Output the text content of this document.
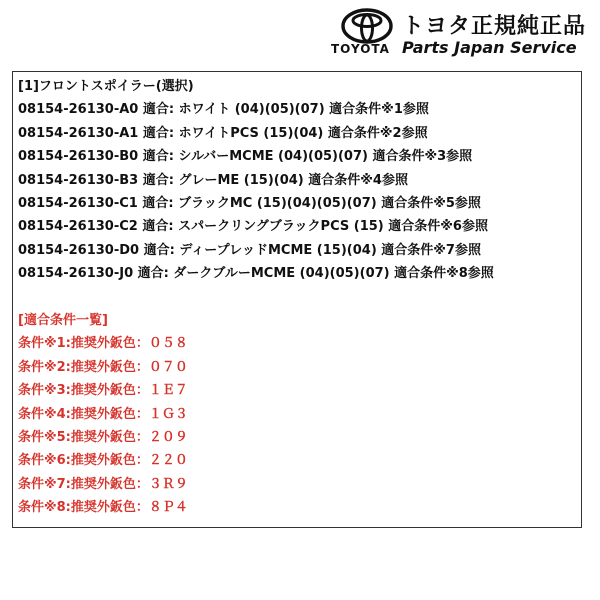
TOYOTA
トヨタ正規純正品
Parts Japan Service
[1]フロントスポイラー(選択)
08154-26130-A0 適合: ホワイト (04)(05)(07) 適合条件※1参照
08154-26130-A1 適合: ホワイトPCS (15)(04) 適合条件※2参照
08154-26130-B0 適合: シルバーMCME (04)(05)(07) 適合条件※3参照
08154-26130-B3 適合: グレーME (15)(04) 適合条件※4参照
08154-26130-C1 適合: ブラックMC (15)(04)(05)(07) 適合条件※5参照
08154-26130-C2 適合: スパークリングブラックPCS (15) 適合条件※6参照
08154-26130-D0 適合: ディープレッドMCME (15)(04) 適合条件※7参照
08154-26130-J0 適合: ダークブルーMCME (04)(05)(07) 適合条件※8参照
[適合条件一覧]
条件※1:推奨外鈑色：０５８
条件※2:推奨外鈑色：０７０
条件※3:推奨外鈑色：１Ｅ７
条件※4:推奨外鈑色：１Ｇ３
条件※5:推奨外鈑色：２０９
条件※6:推奨外鈑色：２２０
条件※7:推奨外鈑色：３Ｒ９
条件※8:推奨外鈑色：８Ｐ４
